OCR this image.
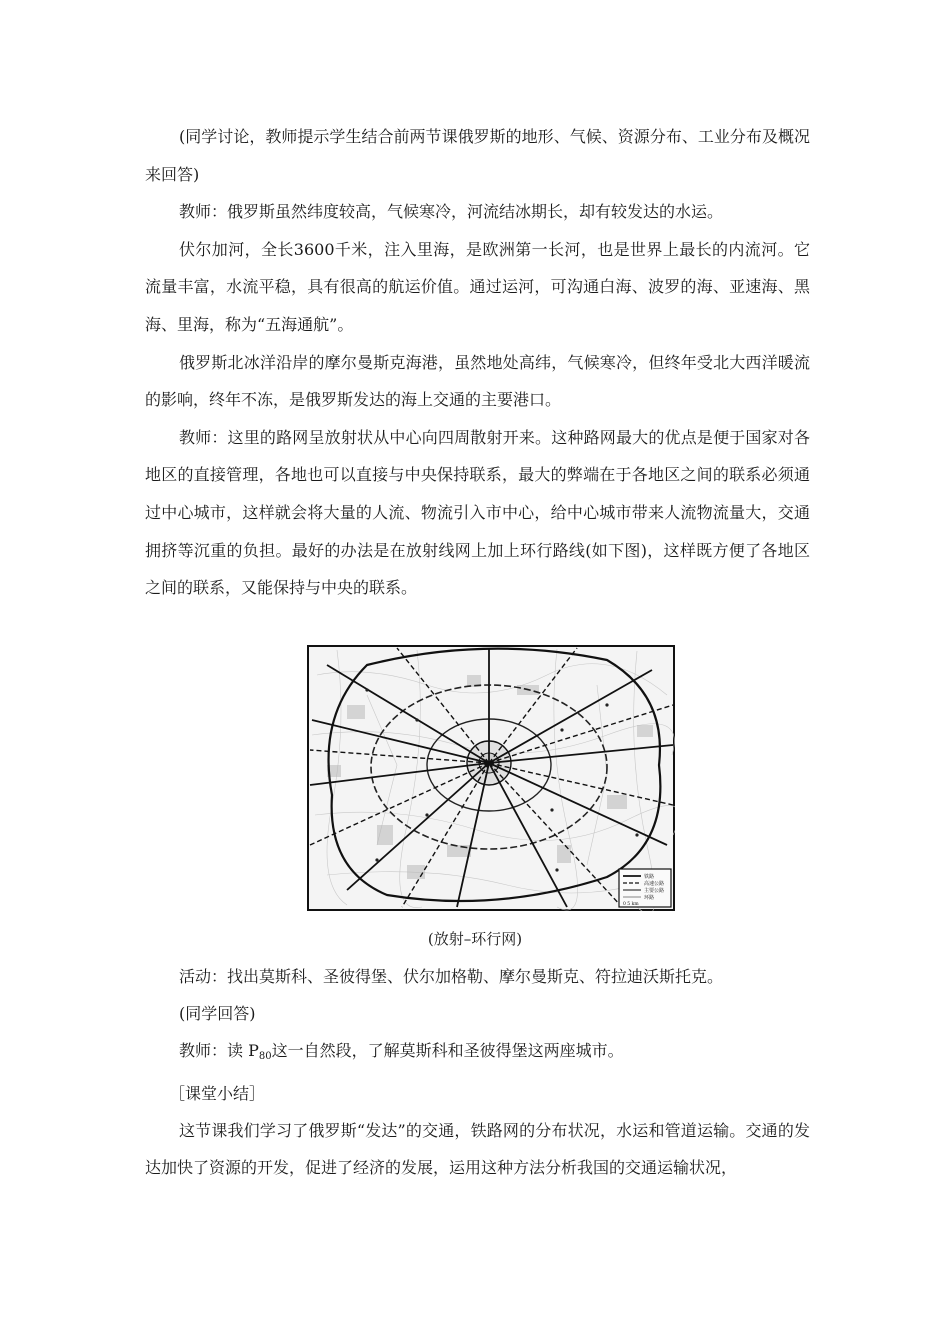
(同学讨论，教师提示学生结合前两节课俄罗斯的地形、气候、资源分布、工业分布及概况来回答)

教师：俄罗斯虽然纬度较高，气候寒冷，河流结冰期长，却有较发达的水运。

伏尔加河，全长3600千米，注入里海，是欧洲第一长河，也是世界上最长的内流河。它流量丰富，水流平稳，具有很高的航运价值。通过运河，可沟通白海、波罗的海、亚速海、黑海、里海，称为“五海通航”。

俄罗斯北冰洋沿岸的摩尔曼斯克海港，虽然地处高纬，气候寒冷，但终年受北大西洋暖流的影响，终年不冻，是俄罗斯发达的海上交通的主要港口。

教师：这里的路网呈放射状从中心向四周散射开来。这种路网最大的优点是便于国家对各地区的直接管理，各地也可以直接与中央保持联系，最大的弊端在于各地区之间的联系必须通过中心城市，这样就会将大量的人流、物流引入市中心，给中心城市带来人流物流量大，交通拥挤等沉重的负担。最好的办法是在放射线网上加上环行路线(如下图)，这样既方便了各地区之间的联系，又能保持与中央的联系。

铁路
高速公路
主要公路
环路
0 5 km
(放射–环行网)

活动：找出莫斯科、圣彼得堡、伏尔加格勒、摩尔曼斯克、符拉迪沃斯托克。

(同学回答)

教师：读 $P_{80}$这一自然段，了解莫斯科和圣彼得堡这两座城市。

［课堂小结］

这节课我们学习了俄罗斯“发达”的交通，铁路网的分布状况，水运和管道运输。交通的发达加快了资源的开发，促进了经济的发展，运用这种方法分析我国的交通运输状况，
